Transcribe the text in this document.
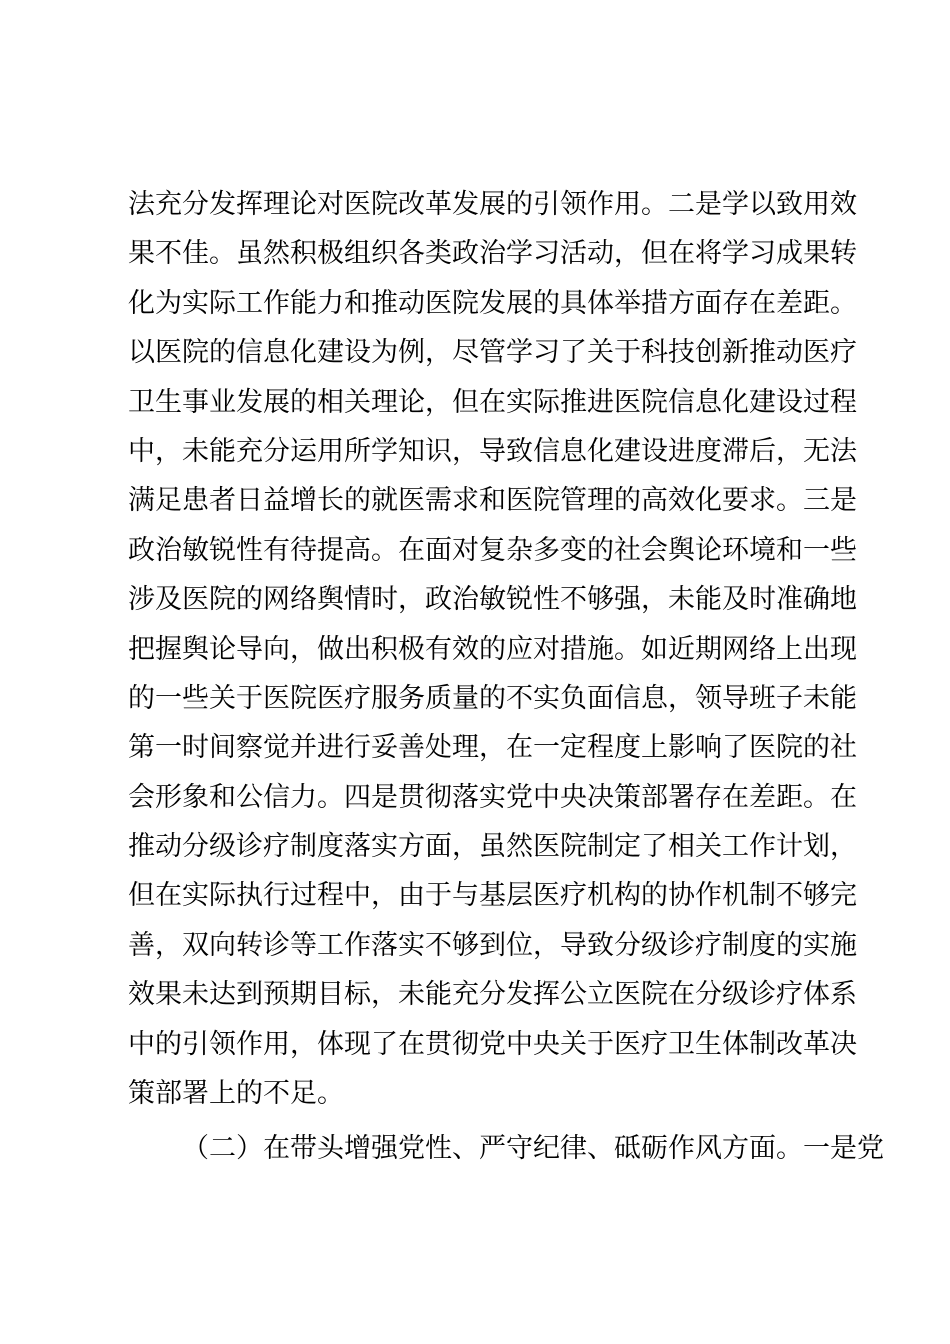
法充分发挥理论对医院改革发展的引领作用。二是学以致用效
果不佳。虽然积极组织各类政治学习活动，但在将学习成果转
化为实际工作能力和推动医院发展的具体举措方面存在差距。
以医院的信息化建设为例，尽管学习了关于科技创新推动医疗
卫生事业发展的相关理论，但在实际推进医院信息化建设过程
中，未能充分运用所学知识，导致信息化建设进度滞后，无法
满足患者日益增长的就医需求和医院管理的高效化要求。三是
政治敏锐性有待提高。在面对复杂多变的社会舆论环境和一些
涉及医院的网络舆情时，政治敏锐性不够强，未能及时准确地
把握舆论导向，做出积极有效的应对措施。如近期网络上出现
的一些关于医院医疗服务质量的不实负面信息，领导班子未能
第一时间察觉并进行妥善处理，在一定程度上影响了医院的社
会形象和公信力。四是贯彻落实党中央决策部署存在差距。在
推动分级诊疗制度落实方面，虽然医院制定了相关工作计划，
但在实际执行过程中，由于与基层医疗机构的协作机制不够完
善，双向转诊等工作落实不够到位，导致分级诊疗制度的实施
效果未达到预期目标，未能充分发挥公立医院在分级诊疗体系
中的引领作用，体现了在贯彻党中央关于医疗卫生体制改革决
策部署上的不足。
（二）在带头增强党性、严守纪律、砥砺作风方面。一是党
